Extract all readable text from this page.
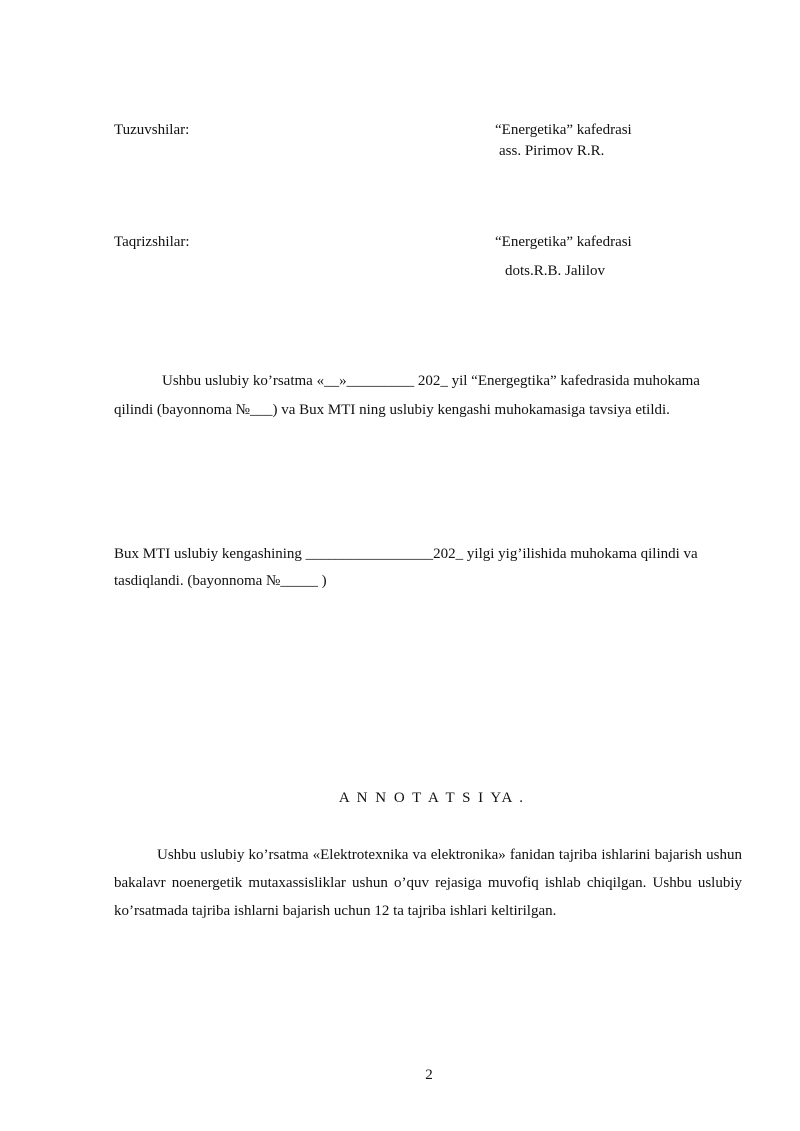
Tuzuvshilar:	“Energetika” kafedrasi
ass. Pirimov R.R.
Taqrizshilar:	“Energetika” kafedrasi
dots.R.B. Jalilov
Ushbu uslubiy ko’rsatma «__»_________ 202_ yil “Energegtika” kafedrasida muhokama
qilindi (bayonnoma №___) va Bux MTI ning uslubiy kengashi muhokamasiga tavsiya etildi.
Bux MTI uslubiy kengashining _________________202_ yilgi yig’ilishida muhokama qilindi va
tasdiqlandi. (bayonnoma №_____ )
A N N O T A T S I YA .
Ushbu uslubiy ko’rsatma «Elektrotexnika va elektronika» fanidan tajriba ishlarini bajarish ushun bakalavr noenergetik mutaxassisliklar ushun o’quv rejasiga muvofiq ishlab chiqilgan. Ushbu uslubiy ko’rsatmada tajriba ishlarni bajarish uchun 12 ta tajriba ishlari keltirilgan.
2
